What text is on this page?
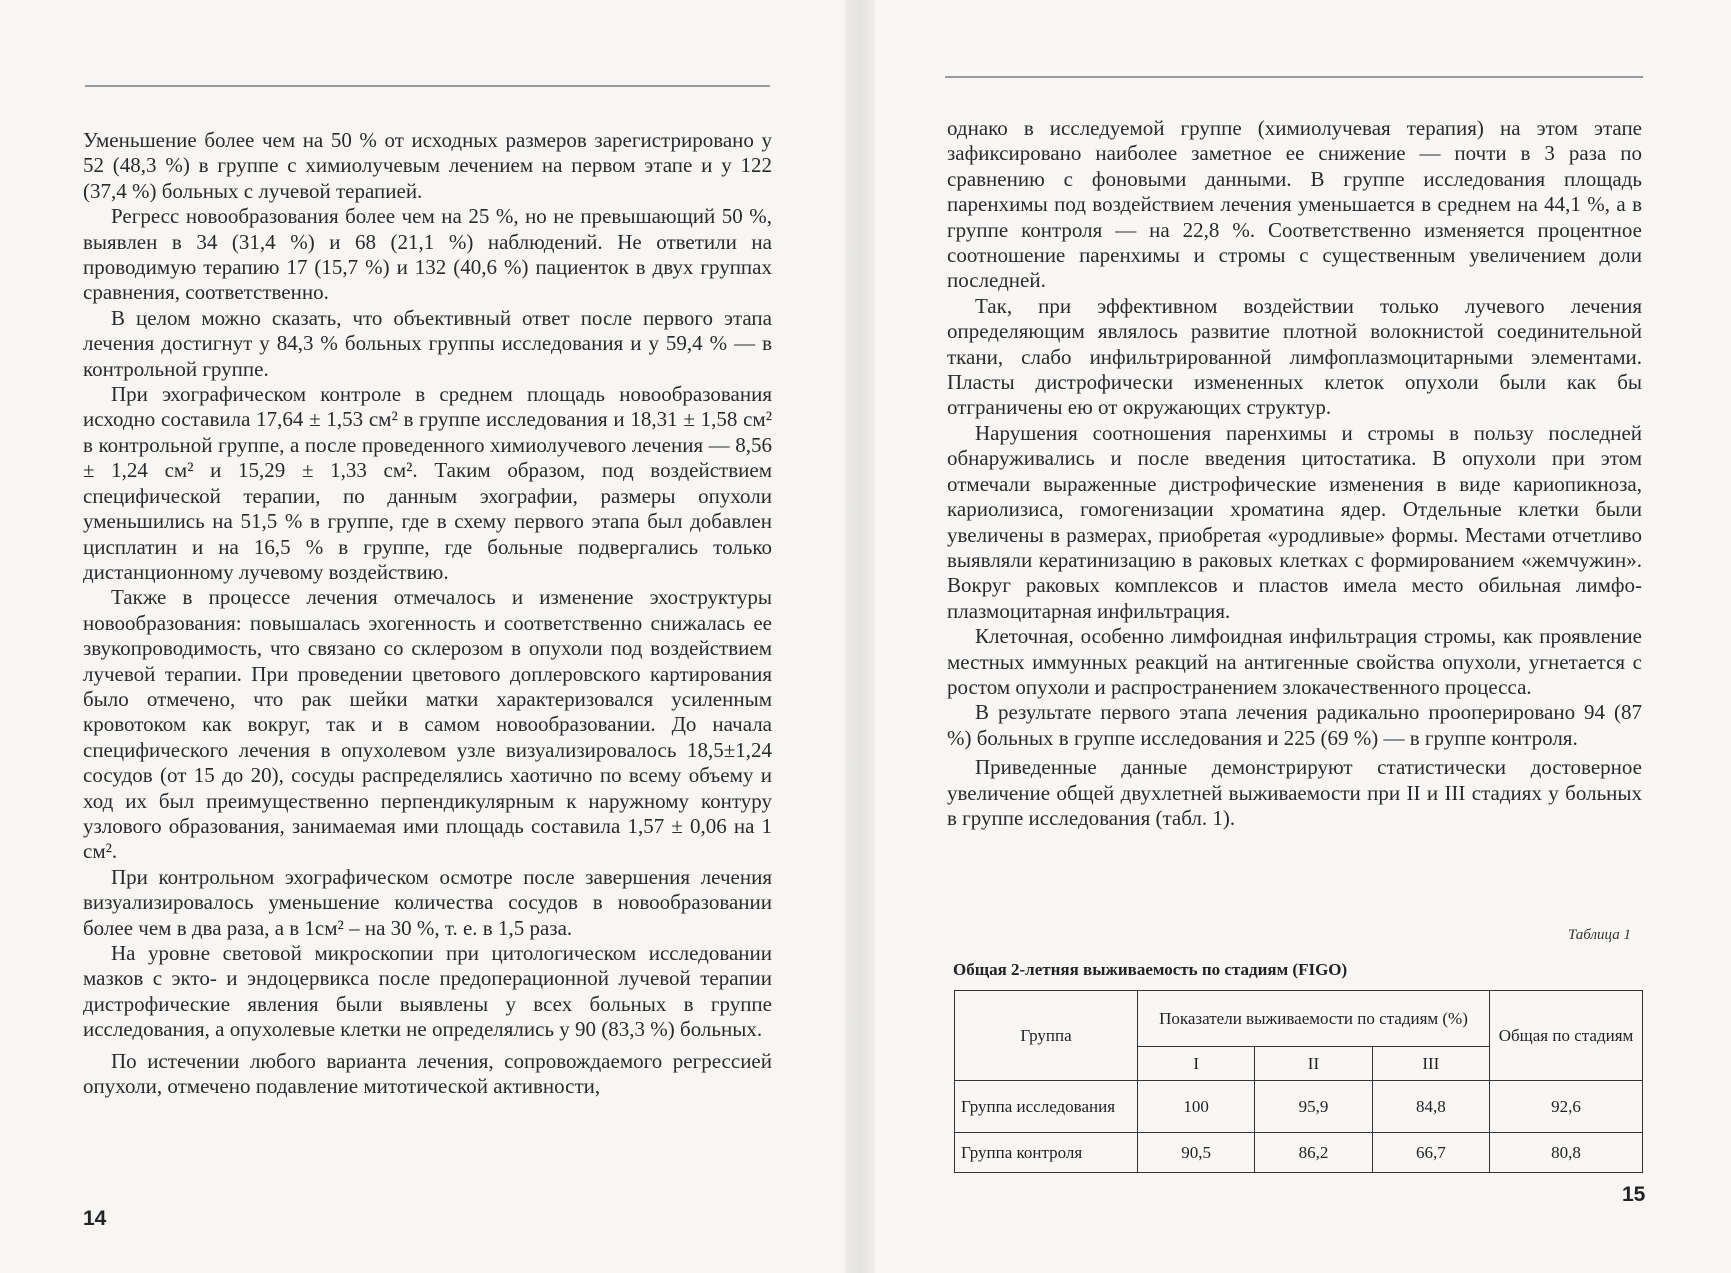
Уменьшение более чем на 50 % от исходных размеров зарегистрировано у 52 (48,3 %) в группе с химиолучевым лечением на первом этапе и у 122 (37,4 %) больных с лучевой терапией.

Регресс новообразования более чем на 25 %, но не превышающий 50 %, выявлен в 34 (31,4 %) и 68 (21,1 %) наблюдений. Не ответили на проводимую терапию 17 (15,7 %) и 132 (40,6 %) пациенток в двух группах сравнения, соответственно.

В целом можно сказать, что объективный ответ после первого этапа лечения достигнут у 84,3 % больных группы исследования и у 59,4 % — в контрольной группе.

При эхографическом контроле в среднем площадь новообразования исходно составила 17,64 ± 1,53 см² в группе исследования и 18,31 ± 1,58 см² в контрольной группе, а после проведенного химиолучевого лечения — 8,56 ± 1,24 см² и 15,29 ± 1,33 см². Таким образом, под воздействием специфической терапии, по данным эхографии, размеры опухоли уменьшились на 51,5 % в группе, где в схему первого этапа был добавлен цисплатин и на 16,5 % в группе, где больные подвергались только дистанционному лучевому воздействию.

Также в процессе лечения отмечалось и изменение эхоструктуры новообразования: повышалась эхогенность и соответственно снижалась ее звукопроводимость, что связано со склерозом в опухоли под воздействием лучевой терапии. При проведении цветового доплеровского картирования было отмечено, что рак шейки матки характеризовался усиленным кровотоком как вокруг, так и в самом новообразовании. До начала специфического лечения в опухолевом узле визуализировалось 18,5±1,24 сосудов (от 15 до 20), сосуды распределялись хаотично по всему объему и ход их был преимущественно перпендикулярным к наружному контуру узлового образования, занимаемая ими площадь составила 1,57 ± 0,06 на 1 см².

При контрольном эхографическом осмотре после завершения лечения визуализировалось уменьшение количества сосудов в новообразовании более чем в два раза, а в 1см² – на 30 %, т. е. в 1,5 раза.

На уровне световой микроскопии при цитологическом исследовании мазков с экто- и эндоцервикса после предоперационной лучевой терапии дистрофические явления были выявлены у всех больных в группе исследования, а опухолевые клетки не определялись у 90 (83,3 %) больных.

По истечении любого варианта лечения, сопровождаемого регрессией опухоли, отмечено подавление митотической активности,

14

однако в исследуемой группе (химиолучевая терапия) на этом этапе зафиксировано наиболее заметное ее снижение — почти в 3 раза по сравнению с фоновыми данными. В группе исследования площадь паренхимы под воздействием лечения уменьшается в среднем на 44,1 %, а в группе контроля — на 22,8 %. Соответственно изменяется процентное соотношение паренхимы и стромы с существенным увеличением доли последней.

Так, при эффективном воздействии только лучевого лечения определяющим являлось развитие плотной волокнистой соединительной ткани, слабо инфильтрированной лимфоплазмоцитарными элементами. Пласты дистрофически измененных клеток опухоли были как бы отграничены ею от окружающих структур.

Нарушения соотношения паренхимы и стромы в пользу последней обнаруживались и после введения цитостатика. В опухоли при этом отмечали выраженные дистрофические изменения в виде кариопикноза, кариолизиса, гомогенизации хроматина ядер. Отдельные клетки были увеличены в размерах, приобретая «уродливые» формы. Местами отчетливо выявляли кератинизацию в раковых клетках с формированием «жемчужин». Вокруг раковых комплексов и пластов имела место обильная лимфо-плазмоцитарная инфильтрация.

Клеточная, особенно лимфоидная инфильтрация стромы, как проявление местных иммунных реакций на антигенные свойства опухоли, угнетается с ростом опухоли и распространением злокачественного процесса.

В результате первого этапа лечения радикально прооперировано 94 (87 %) больных в группе исследования и 225 (69 %) — в группе контроля.

Приведенные данные демонстрируют статистически достоверное увеличение общей двухлетней выживаемости при II и III стадиях у больных в группе исследования (табл. 1).

Таблица 1
Общая 2-летняя выживаемость по стадиям (FIGO)
Группа	Показатели выживаемости по стадиям (%)			Общая по стадиям
	I	II	III	
Группа исследования	100	95,9	84,8	92,6
Группа контроля	90,5	86,2	66,7	80,8
15
